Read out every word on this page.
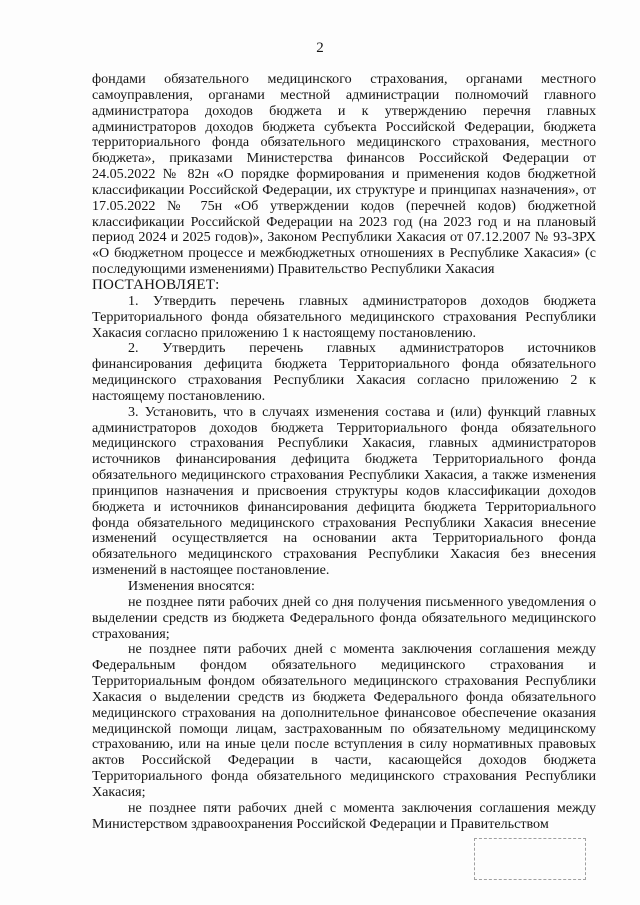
2

фондами обязательного медицинского страхования, органами местного самоуправления, органами местной администрации полномочий главного администратора доходов бюджета и к утверждению перечня главных администраторов доходов бюджета субъекта Российской Федерации, бюджета территориального фонда обязательного медицинского страхования, местного бюджета», приказами Министерства финансов Российской Федерации от 24.05.2022 № 82н «О порядке формирования и применения кодов бюджетной классификации Российской Федерации, их структуре и принципах назначения», от 17.05.2022 № 75н «Об утверждении кодов (перечней кодов) бюджетной классификации Российской Федерации на 2023 год (на 2023 год и на плановый период 2024 и 2025 годов)», Законом Республики Хакасия от 07.12.2007 № 93-ЗРХ «О бюджетном процессе и межбюджетных отношениях в Республике Хакасия» (с последующими изменениями) Правительство Республики Хакасия

ПОСТАНОВЛЯЕТ:

1. Утвердить перечень главных администраторов доходов бюджета Территориального фонда обязательного медицинского страхования Республики Хакасия согласно приложению 1 к настоящему постановлению.

2. Утвердить перечень главных администраторов источников финансирования дефицита бюджета Территориального фонда обязательного медицинского страхования Республики Хакасия согласно приложению 2 к настоящему постановлению.

3. Установить, что в случаях изменения состава и (или) функций главных администраторов доходов бюджета Территориального фонда обязательного медицинского страхования Республики Хакасия, главных администраторов источников финансирования дефицита бюджета Территориального фонда обязательного медицинского страхования Республики Хакасия, а также изменения принципов назначения и присвоения структуры кодов классификации доходов бюджета и источников финансирования дефицита бюджета Территориального фонда обязательного медицинского страхования Республики Хакасия внесение изменений осуществляется на основании акта Территориального фонда обязательного медицинского страхования Республики Хакасия без внесения изменений в настоящее постановление.

Изменения вносятся:

не позднее пяти рабочих дней со дня получения письменного уведомления о выделении средств из бюджета Федерального фонда обязательного медицинского страхования;

не позднее пяти рабочих дней с момента заключения соглашения между Федеральным фондом обязательного медицинского страхования и Территориальным фондом обязательного медицинского страхования Республики Хакасия о выделении средств из бюджета Федерального фонда обязательного медицинского страхования на дополнительное финансовое обеспечение оказания медицинской помощи лицам, застрахованным по обязательному медицинскому страхованию, или на иные цели после вступления в силу нормативных правовых актов Российской Федерации в части, касающейся доходов бюджета Территориального фонда обязательного медицинского страхования Республики Хакасия;

не позднее пяти рабочих дней с момента заключения соглашения между Министерством здравоохранения Российской Федерации и Правительством
